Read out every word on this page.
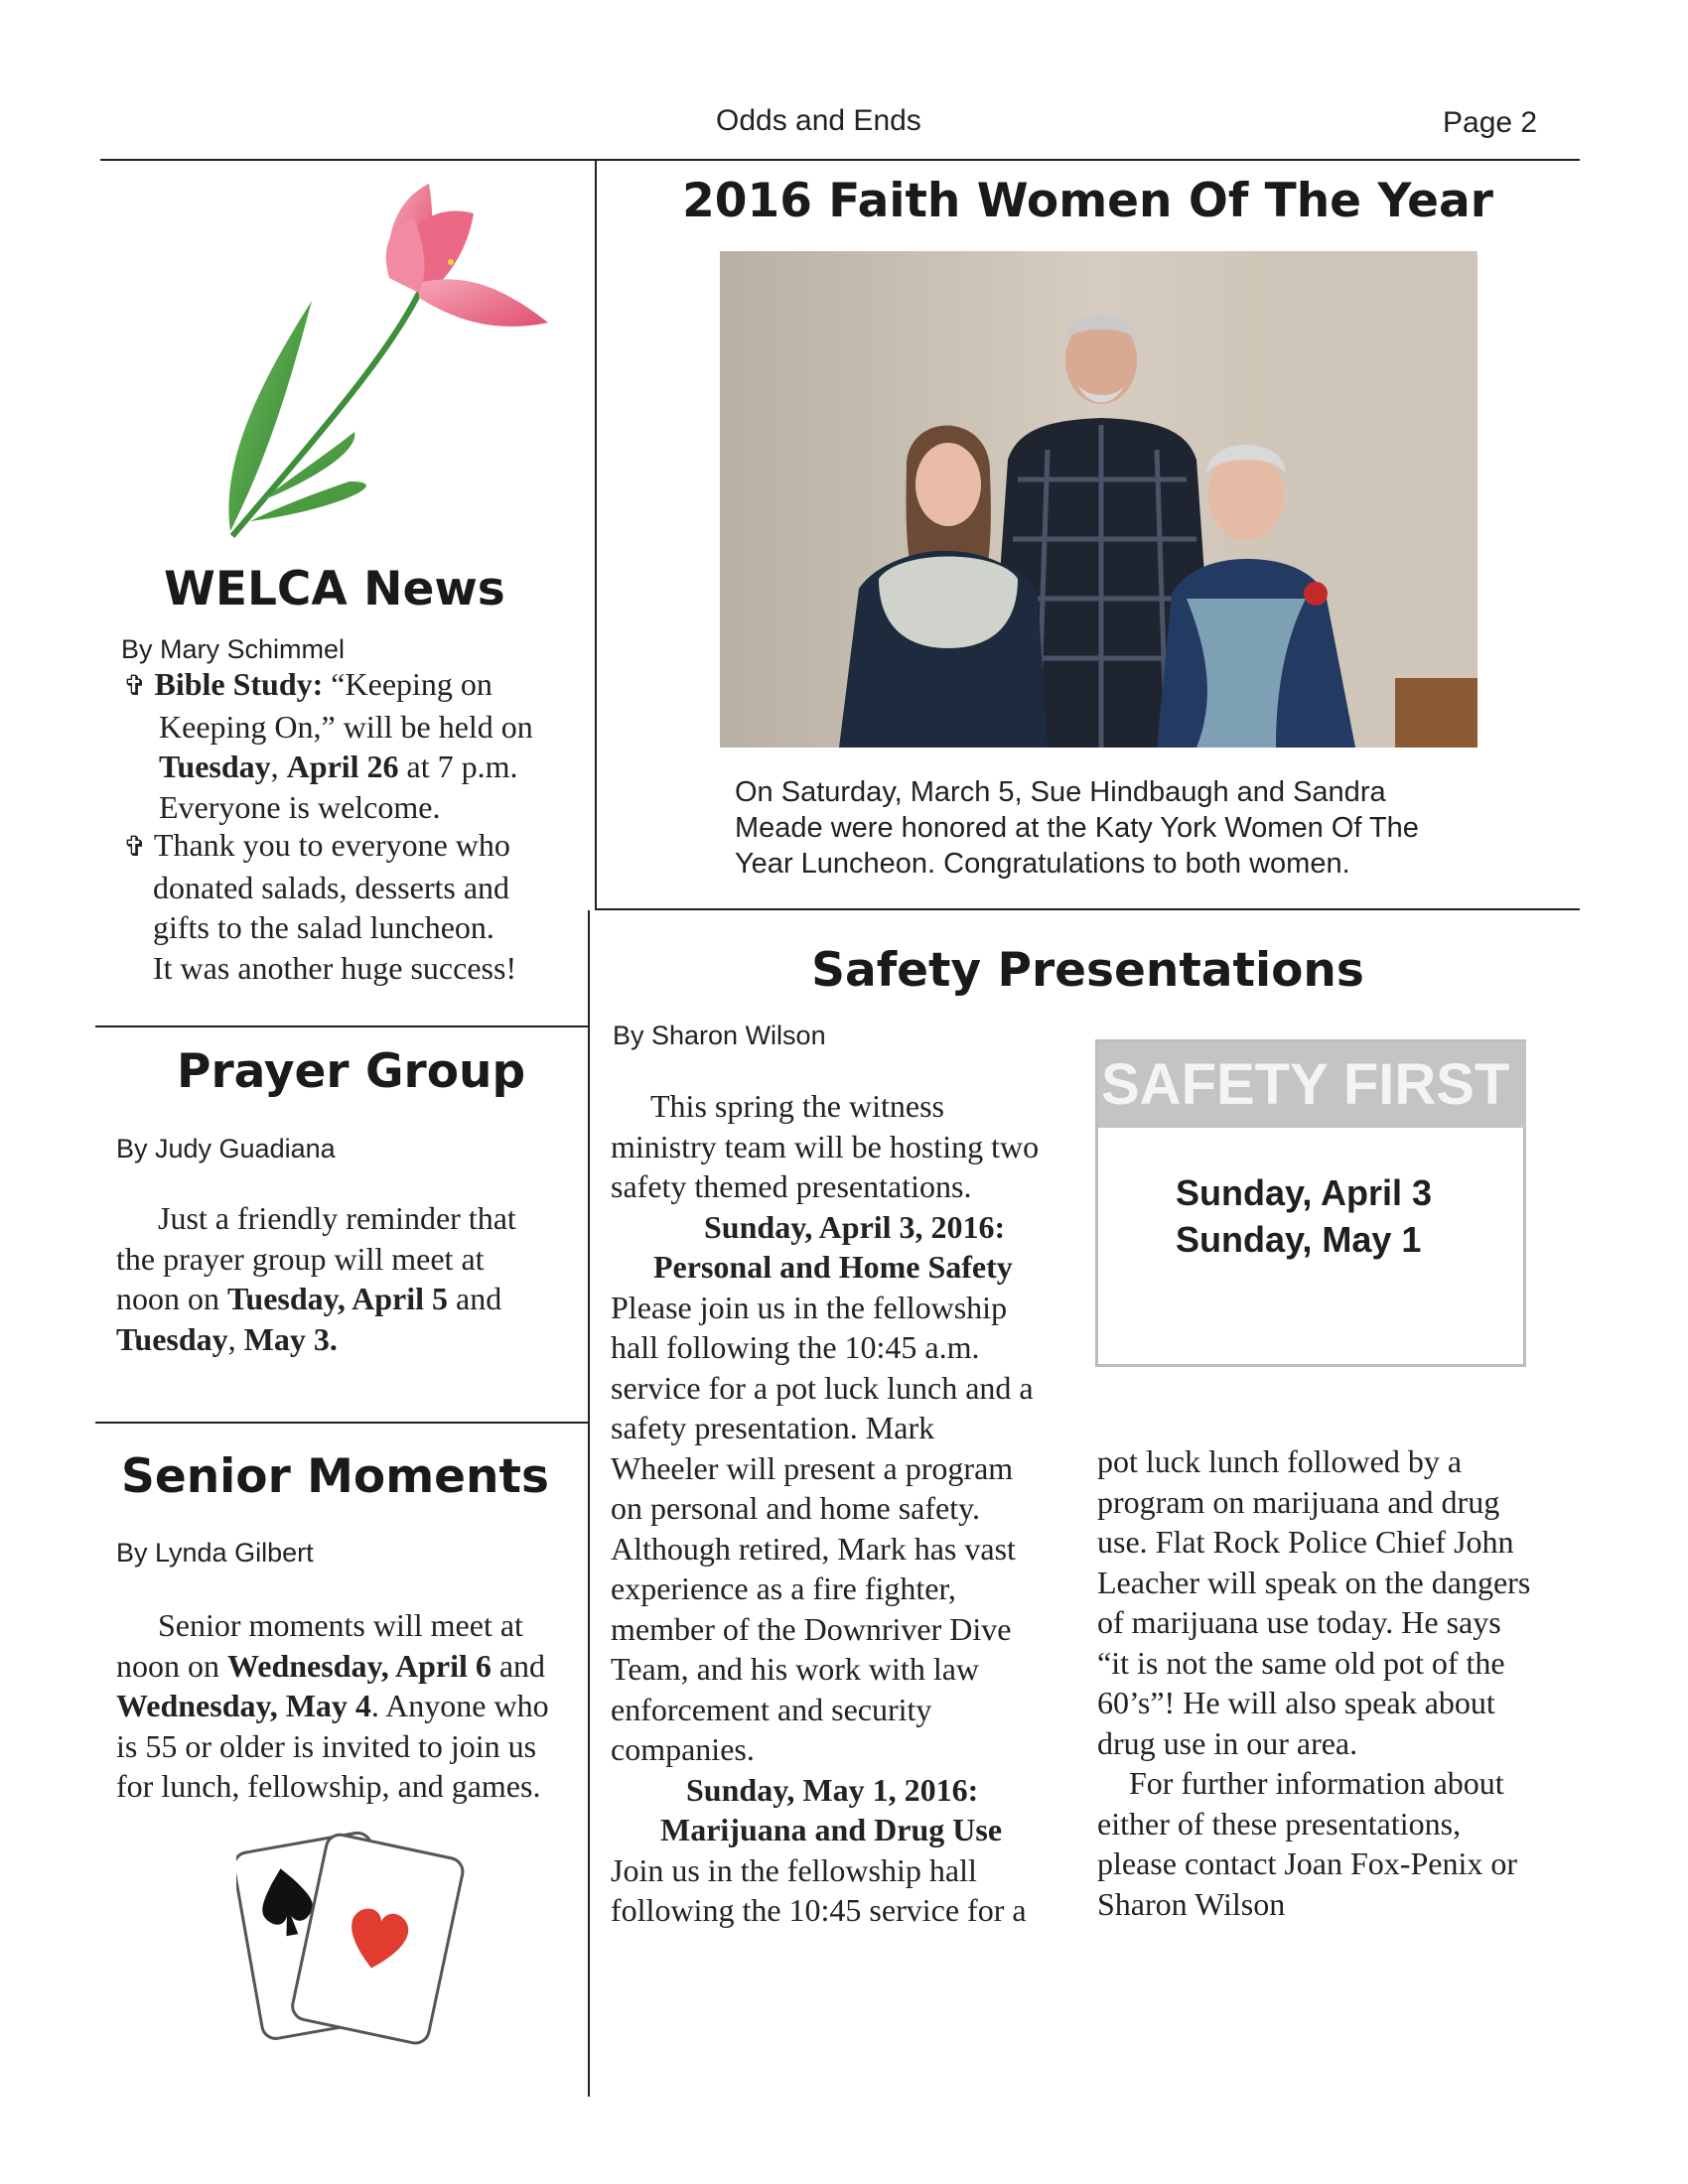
Odds and Ends	Page 2
WELCA News
By Mary Schimmel
✞ Bible Study: “Keeping on
Keeping On,” will be held on
Tuesday, April 26 at 7 p.m.
Everyone is welcome.
✞ Thank you to everyone who
donated salads, desserts and
gifts to the salad luncheon.
It was another huge success!
Prayer Group
By Judy Guadiana
Just a friendly reminder that
the prayer group will meet at
noon on Tuesday, April 5 and
Tuesday, May 3.
Senior Moments
By Lynda Gilbert
Senior moments will meet at
noon on Wednesday, April 6 and
Wednesday, May 4. Anyone who
is 55 or older is invited to join us
for lunch, fellowship, and games.
2016 Faith Women Of The Year
On Saturday, March 5, Sue Hindbaugh and Sandra
Meade were honored at the Katy York Women Of The
Year Luncheon. Congratulations to both women.
Safety Presentations
By Sharon Wilson
SAFETY FIRST
Sunday, April 3
Sunday, May 1
This spring the witness
ministry team will be hosting two
safety themed presentations.
Sunday, April 3, 2016:
Personal and Home Safety
Please join us in the fellowship
hall following the 10:45 a.m.
service for a pot luck lunch and a
safety presentation. Mark
Wheeler will present a program
on personal and home safety.
Although retired, Mark has vast
experience as a fire fighter,
member of the Downriver Dive
Team, and his work with law
enforcement and security
companies.
Sunday, May 1, 2016:
Marijuana and Drug Use
Join us in the fellowship hall
following the 10:45 service for a
pot luck lunch followed by a
program on marijuana and drug
use. Flat Rock Police Chief John
Leacher will speak on the dangers
of marijuana use today. He says
“it is not the same old pot of the
60’s”! He will also speak about
drug use in our area.
For further information about
either of these presentations,
please contact Joan Fox-Penix or
Sharon Wilson
